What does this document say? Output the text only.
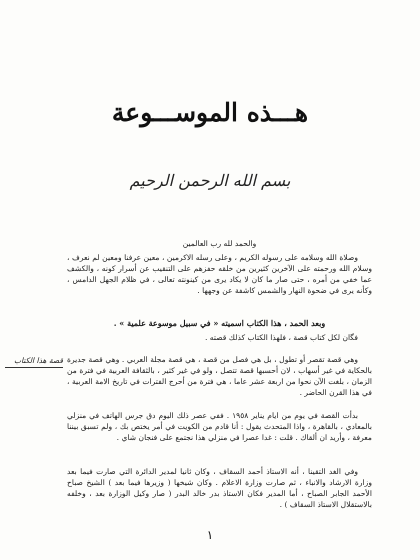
هـــذه الموســـوعة
بسم الله الرحمن الرحيم
والحمد لله رب العالمين

وصلاة الله وسلامه على رسوله الكريم ، وعلى رسله الاكرمين ، معين عرفنا ومعين لم نعرف ، وسلام الله ورحمته على الآخرين كثيرين من خلقه حفزهم على التنقيب عن أسرار كونه ، والكشف عما خفي من أمره ، حتى صار ما كان لا يكاد يرى من كينونته تعالى ، في ظلام الجهل الدامس ، وكأنه يرى في ضحوة النهار والشمس كاشفة عن وجهها .

وبعد الحمد ، هذا الكتاب اسميته « في سبيل موسوعة علمية » .

ﻓﮕان لكل كتاب قصة ، فلهذا الكتاب كذلك قصته .

قصة هذا الكتاب وهي قصة تقصر أو تطول ، بل هي فصل من قصة ، هي قصة مجلة العربي . وهي قصة جديرة بالحكاية في غير أسهاب ، لان أحسبها قصة تتصل ، ولو في غير كثير ، بالثقافة العربية في فترة من الزمان ، بلغت الآن نحوا من اربعة عشر عاما ، هي فترة من أحرج الفترات في تاريخ الامة العربية ، في هذا القرن الحاضر .

بدأت القصة في يوم من ايام يناير ١٩٥٨ . ففي عصر ذلك اليوم دق جرس الهاتف في منزلي بالمعادي ، بالقاهرة ، واذا المتحدث يقول : أنا قادم من الكويت في أمر يختص بك ، ولم تسبق بيننا معرفة ، وأريد ان ألقاك . قلت : غدا عصرا في منزلي هذا نجتمع على فنجان شاي .

وفي الغد التقينا ، أنه الاستاذ أحمد السقاف ، وكان ثانيا لمدير الدائرة التي صارت فيما بعد وزارة الارشاد والانباء ، ثم صارت وزارة الاعلام . وكان شيخها ( وزيرها فيما بعد ) الشيخ صباح الأحمد الجابر الصباح ، أما المدير فكان الاستاذ بدر خالد البدر ( صار وكيل الوزارة بعد ، وخلفه بالاستقلال الاستاذ السقاف ) .

١
